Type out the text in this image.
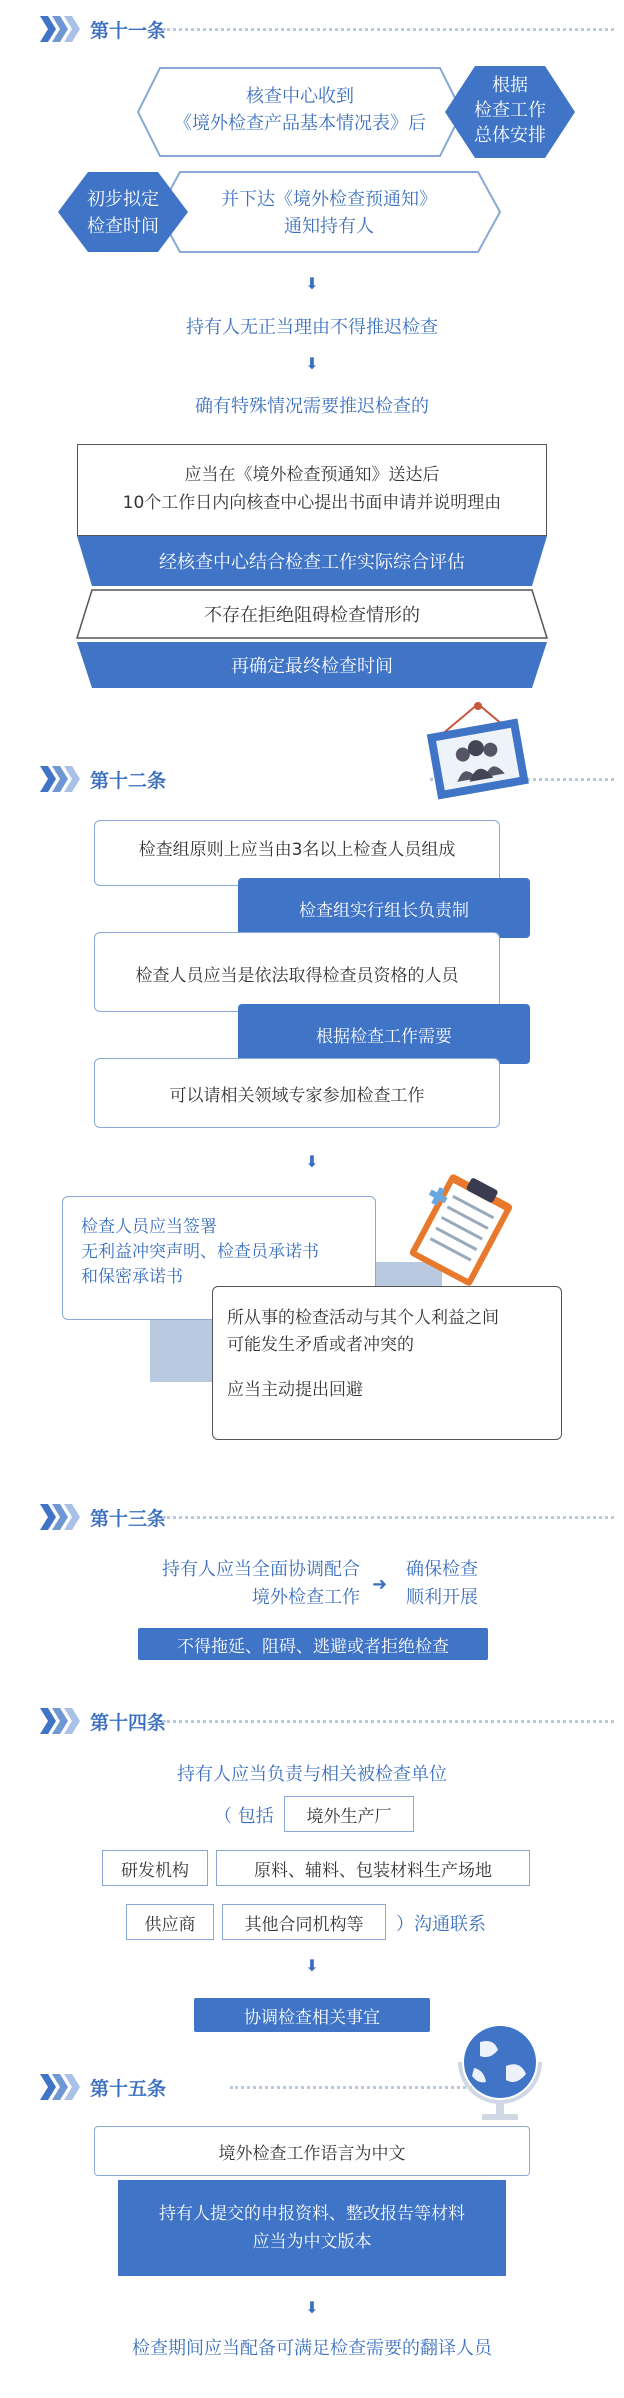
第十一条
核查中心收到
《境外检查产品基本情况表》后
根据
检查工作
总体安排
初步拟定
检查时间
并下达《境外检查预通知》
通知持有人
⬇
持有人无正当理由不得推迟检查
⬇
确有特殊情况需要推迟检查的
应当在《境外检查预通知》送达后
10个工作日内向核查中心提出书面申请并说明理由
经核查中心结合检查工作实际综合评估
不存在拒绝阻碍检查情形的
再确定最终检查时间
第十二条
检查组原则上应当由3名以上检查人员组成
检查组实行组长负责制
检查人员应当是依法取得检查员资格的人员
根据检查工作需要
可以请相关领域专家参加检查工作
⬇
检查人员应当签署
无利益冲突声明、检查员承诺书
和保密承诺书
所从事的检查活动与其个人利益之间
可能发生矛盾或者冲突的
应当主动提出回避
第十三条
持有人应当全面协调配合
境外检查工作
➜
确保检查
顺利开展
不得拖延、阻碍、逃避或者拒绝检查
第十四条
持有人应当负责与相关被检查单位
（ 包括	境外生产厂
研发机构	原料、辅料、包装材料生产场地
供应商	其他合同机构等	）沟通联系
⬇
协调检查相关事宜
第十五条
境外检查工作语言为中文
持有人提交的申报资料、整改报告等材料
应当为中文版本
⬇
检查期间应当配备可满足检查需要的翻译人员
